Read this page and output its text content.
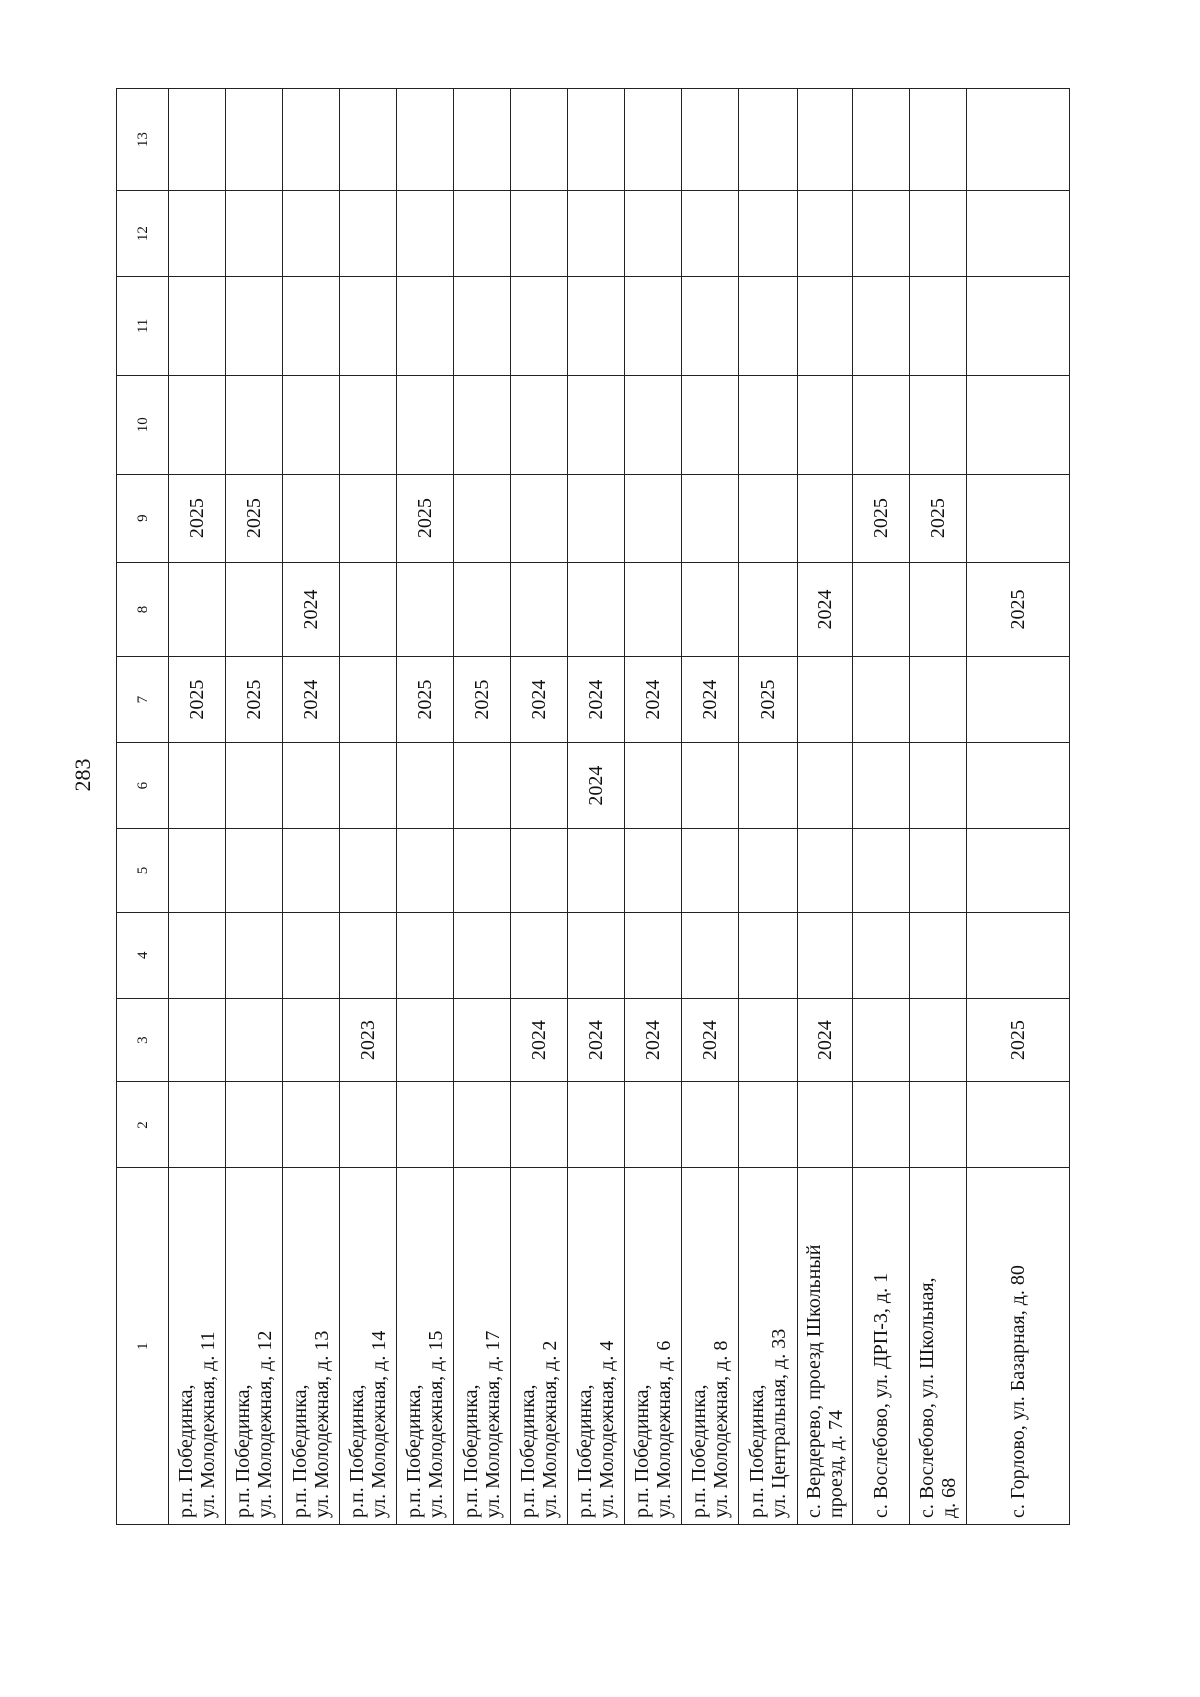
283
1	2	3	4	5	6	7	8	9	10	11	12	13

р.п. Побединка, ул. Молодежная, д. 11						2025		2025				

р.п. Побединка, ул. Молодежная, д. 12						2025		2025				

р.п. Побединка, ул. Молодежная, д. 13						2024	2024					

р.п. Побединка, ул. Молодежная, д. 14		2023										

р.п. Побединка, ул. Молодежная, д. 15						2025		2025				

р.п. Побединка, ул. Молодежная, д. 17						2025						

р.п. Побединка, ул. Молодежная, д. 2		2024				2024						

р.п. Побединка, ул. Молодежная, д. 4		2024			2024	2024						

р.п. Побединка, ул. Молодежная, д. 6		2024				2024						

р.п. Побединка, ул. Молодежная, д. 8		2024				2024						

р.п. Побединка, ул. Центральная, д. 33						2025						

с. Вердерево, проезд Школьный проезд, д. 74		2024					2024					

с. Вослебово, ул. ДРП-3, д. 1								2025				

с. Вослебово, ул. Школьная, д. 68								2025				

с. Горлово, ул. Базарная, д. 80		2025					2025					
